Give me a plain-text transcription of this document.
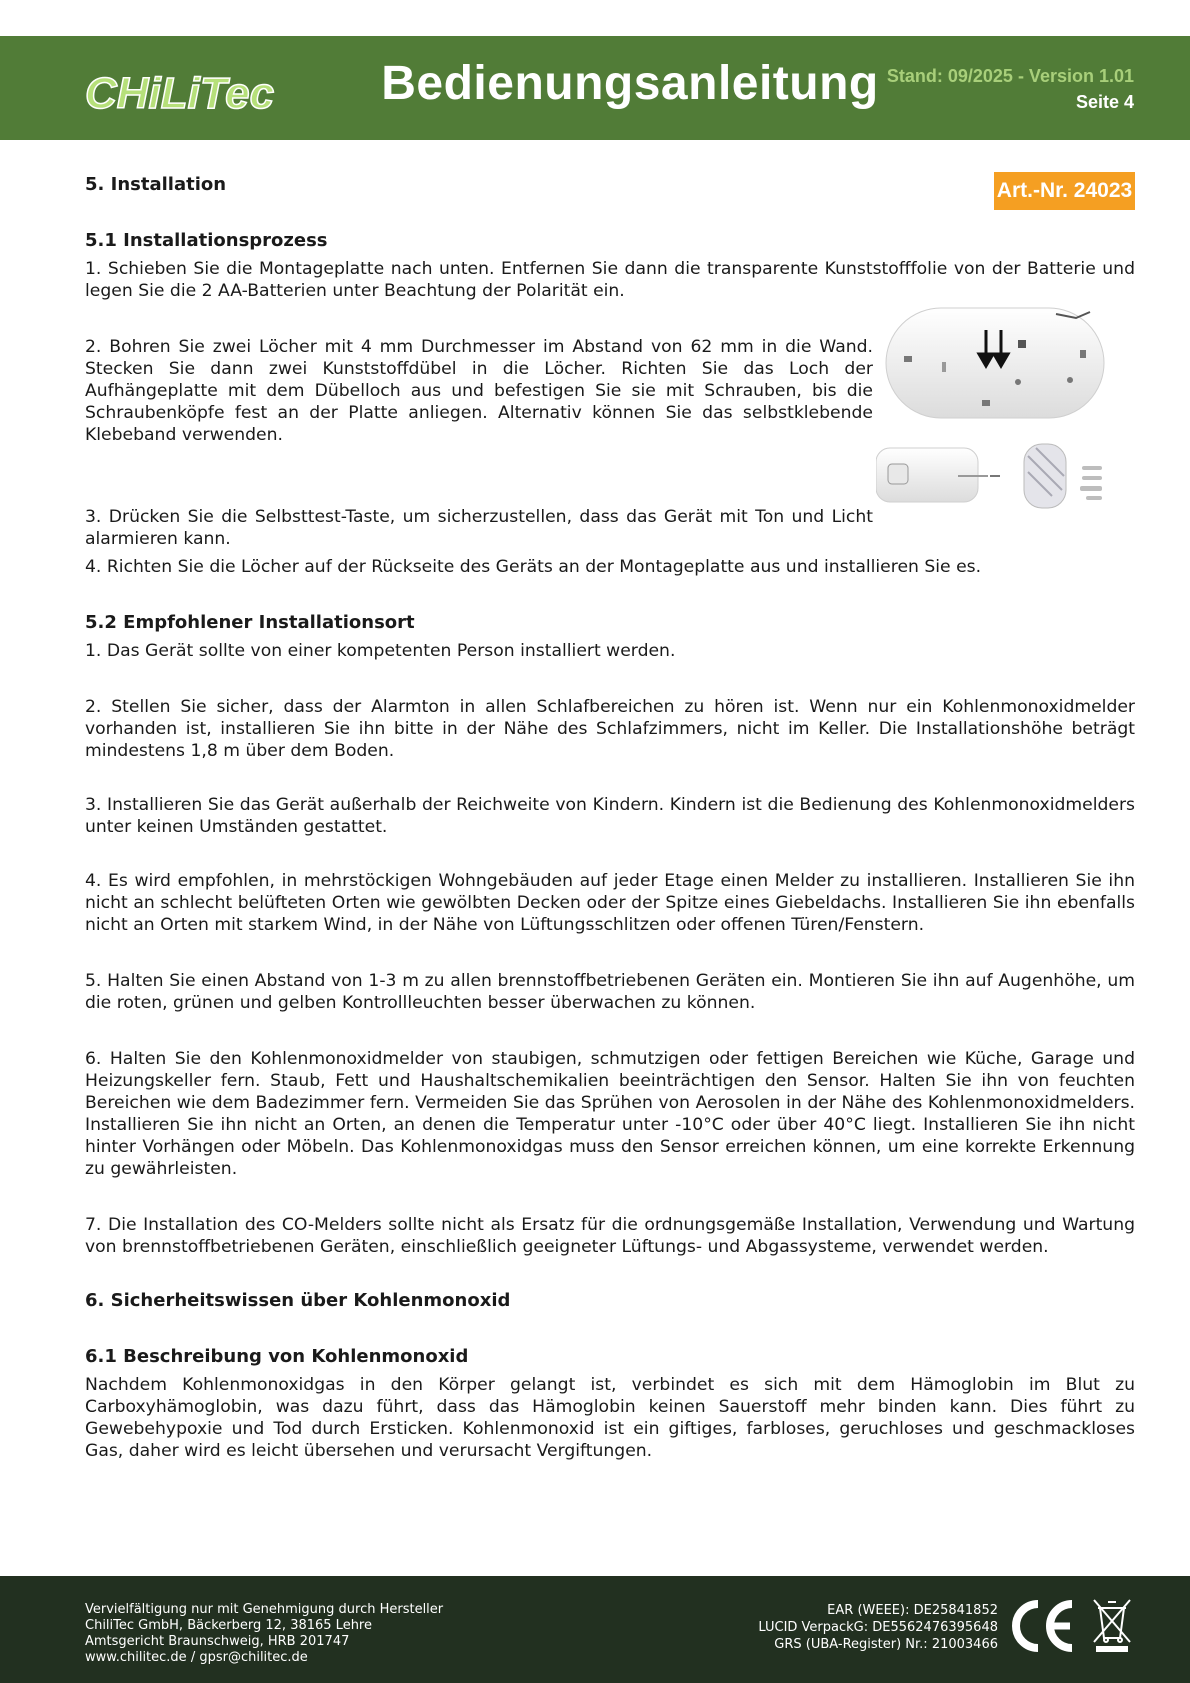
CHiLiTec Bedienungsanleitung Stand: 09/2025 - Version 1.01
Seite 4
Art.-Nr. 24023
5. Installation
5.1 Installationsprozess
1. Schieben Sie die Montageplatte nach unten. Entfernen Sie dann die transparente Kunststofffolie von der Batterie und legen Sie die 2 AA-Batterien unter Beachtung der Polarität ein.
2. Bohren Sie zwei Löcher mit 4 mm Durchmesser im Abstand von 62 mm in die Wand. Stecken Sie dann zwei Kunststoffdübel in die Löcher. Richten Sie das Loch der Aufhängeplatte mit dem Dübelloch aus und befestigen Sie sie mit Schrauben, bis die Schraubenköpfe fest an der Platte anliegen. Alternativ können Sie das selbstklebende Klebeband verwenden.
3. Drücken Sie die Selbsttest-Taste, um sicherzustellen, dass das Gerät mit Ton und Licht alarmieren kann.
4. Richten Sie die Löcher auf der Rückseite des Geräts an der Montageplatte aus und installieren Sie es.
5.2 Empfohlener Installationsort
1. Das Gerät sollte von einer kompetenten Person installiert werden.
2. Stellen Sie sicher, dass der Alarmton in allen Schlafbereichen zu hören ist. Wenn nur ein Kohlenmonoxidmelder vorhanden ist, installieren Sie ihn bitte in der Nähe des Schlafzimmers, nicht im Keller. Die Installationshöhe beträgt mindestens 1,8 m über dem Boden.
3. Installieren Sie das Gerät außerhalb der Reichweite von Kindern. Kindern ist die Bedienung des Kohlenmonoxidmelders unter keinen Umständen gestattet.
4. Es wird empfohlen, in mehrstöckigen Wohngebäuden auf jeder Etage einen Melder zu installieren. Installieren Sie ihn nicht an schlecht belüfteten Orten wie gewölbten Decken oder der Spitze eines Giebeldachs. Installieren Sie ihn ebenfalls nicht an Orten mit starkem Wind, in der Nähe von Lüftungsschlitzen oder offenen Türen/Fenstern.
5. Halten Sie einen Abstand von 1-3 m zu allen brennstoffbetriebenen Geräten ein. Montieren Sie ihn auf Augenhöhe, um die roten, grünen und gelben Kontrollleuchten besser überwachen zu können.
6. Halten Sie den Kohlenmonoxidmelder von staubigen, schmutzigen oder fettigen Bereichen wie Küche, Garage und Heizungskeller fern. Staub, Fett und Haushaltschemikalien beeinträchtigen den Sensor. Halten Sie ihn von feuchten Bereichen wie dem Badezimmer fern. Vermeiden Sie das Sprühen von Aerosolen in der Nähe des Kohlenmonoxidmelders. Installieren Sie ihn nicht an Orten, an denen die Temperatur unter -10°C oder über 40°C liegt. Installieren Sie ihn nicht hinter Vorhängen oder Möbeln. Das Kohlenmonoxidgas muss den Sensor erreichen können, um eine korrekte Erkennung zu gewährleisten.
7. Die Installation des CO-Melders sollte nicht als Ersatz für die ordnungsgemäße Installation, Verwendung und Wartung von brennstoffbetriebenen Geräten, einschließlich geeigneter Lüftungs- und Abgassysteme, verwendet werden.
6. Sicherheitswissen über Kohlenmonoxid
6.1 Beschreibung von Kohlenmonoxid
Nachdem Kohlenmonoxidgas in den Körper gelangt ist, verbindet es sich mit dem Hämoglobin im Blut zu Carboxyhämoglobin, was dazu führt, dass das Hämoglobin keinen Sauerstoff mehr binden kann. Dies führt zu Gewebehypoxie und Tod durch Ersticken. Kohlenmonoxid ist ein giftiges, farbloses, geruchloses und geschmackloses Gas, daher wird es leicht übersehen und verursacht Vergiftungen.
Vervielfältigung nur mit Genehmigung durch Hersteller
ChiliTec GmbH, Bäckerberg 12, 38165 Lehre
Amtsgericht Braunschweig, HRB 201747
www.chilitec.de / gpsr@chilitec.de
EAR (WEEE): DE25841852
LUCID VerpackG: DE5562476395648
GRS (UBA-Register) Nr.: 21003466
